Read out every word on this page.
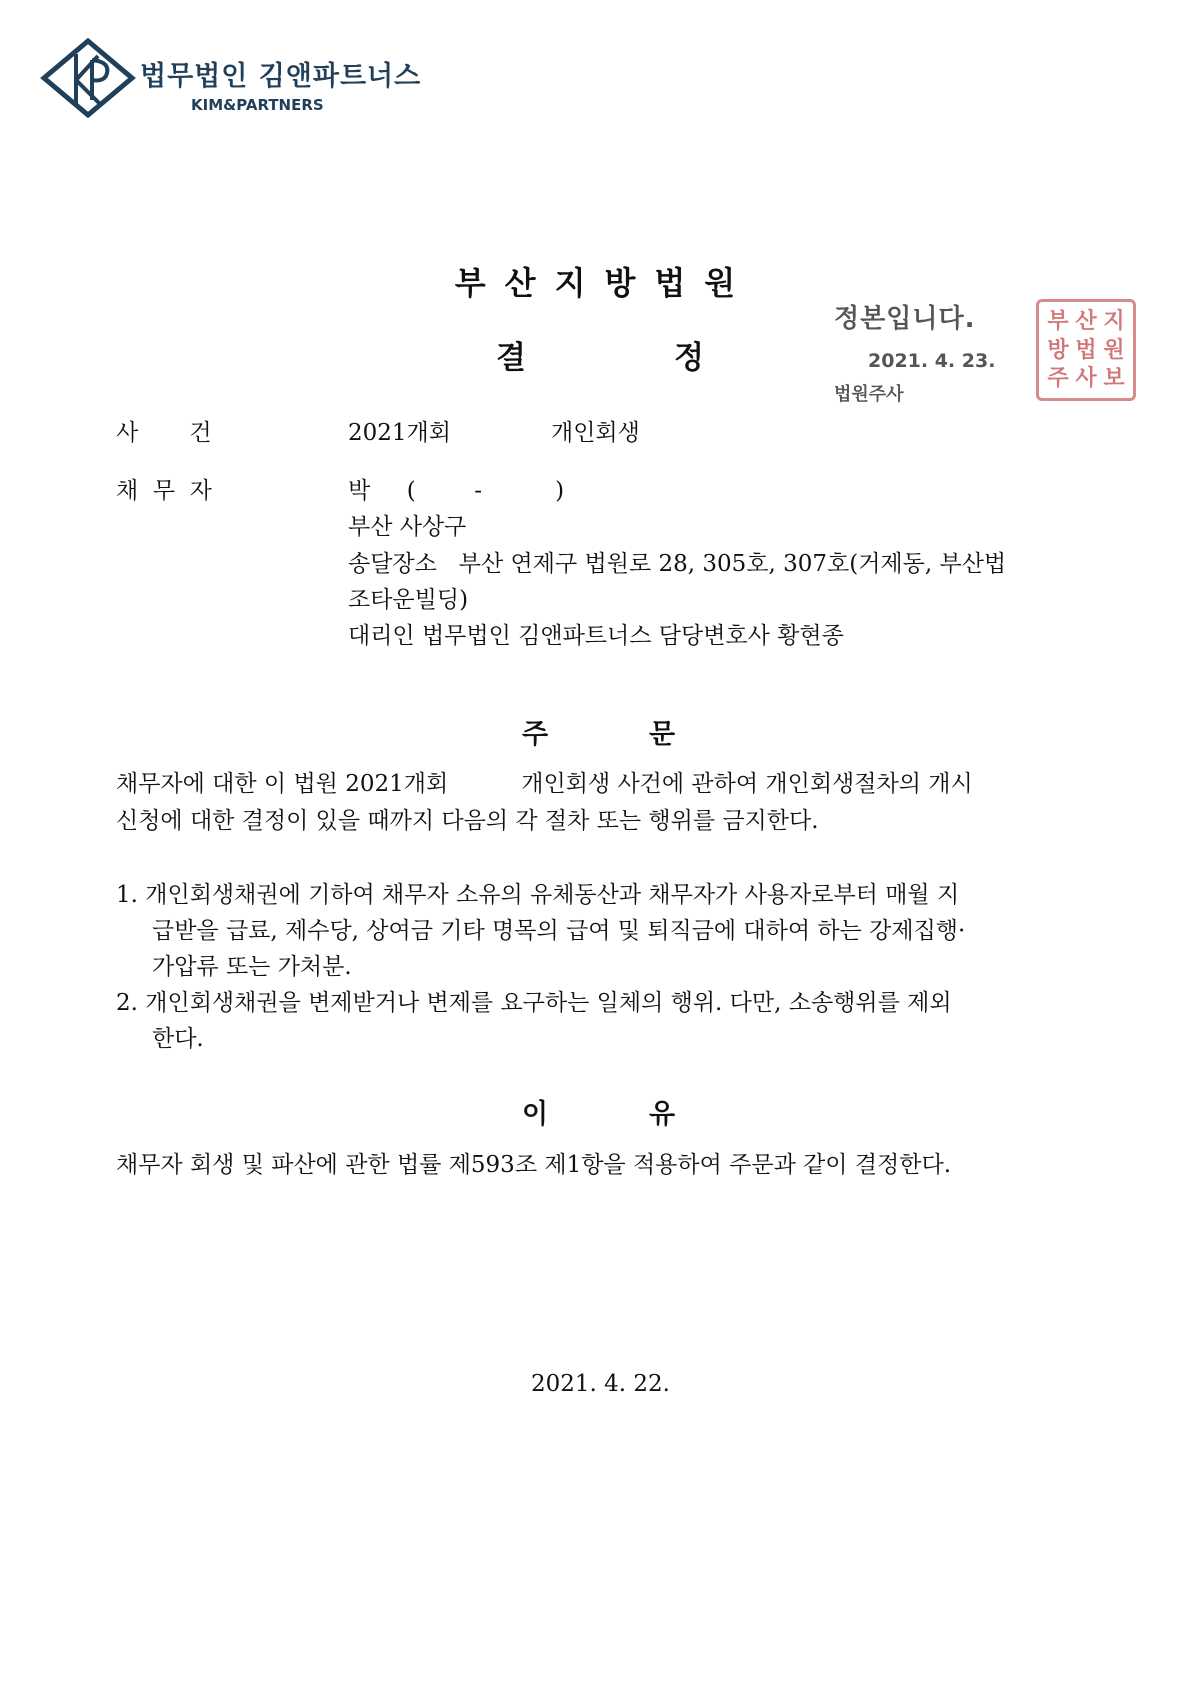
법무법인 김앤파트너스
KIM&PARTNERS
부산지방법원
결	정
정본입니다.
2021. 4. 23.
법원주사
부 산 지
방 법 원
주 사 보
사       건	2021개회	개인회생
채  무  자	박     (        -          )
부산 사상구
송달장소   부산 연제구 법원로 28, 305호, 307호(거제동, 부산법
조타운빌딩)
대리인 법무법인 김앤파트너스 담당변호사 황현종
주	문
채무자에 대한 이 법원 2021개회          개인회생 사건에 관하여 개인회생절차의 개시
신청에 대한 결정이 있을 때까지 다음의 각 절차 또는 행위를 금지한다.
1. 개인회생채권에 기하여 채무자 소유의 유체동산과 채무자가 사용자로부터 매월 지
급받을 급료, 제수당, 상여금 기타 명목의 급여 및 퇴직금에 대하여 하는 강제집행·
가압류 또는 가처분.
2. 개인회생채권을 변제받거나 변제를 요구하는 일체의 행위. 다만, 소송행위를 제외
한다.
이	유
채무자 회생 및 파산에 관한 법률 제593조 제1항을 적용하여 주문과 같이 결정한다.
2021. 4. 22.
